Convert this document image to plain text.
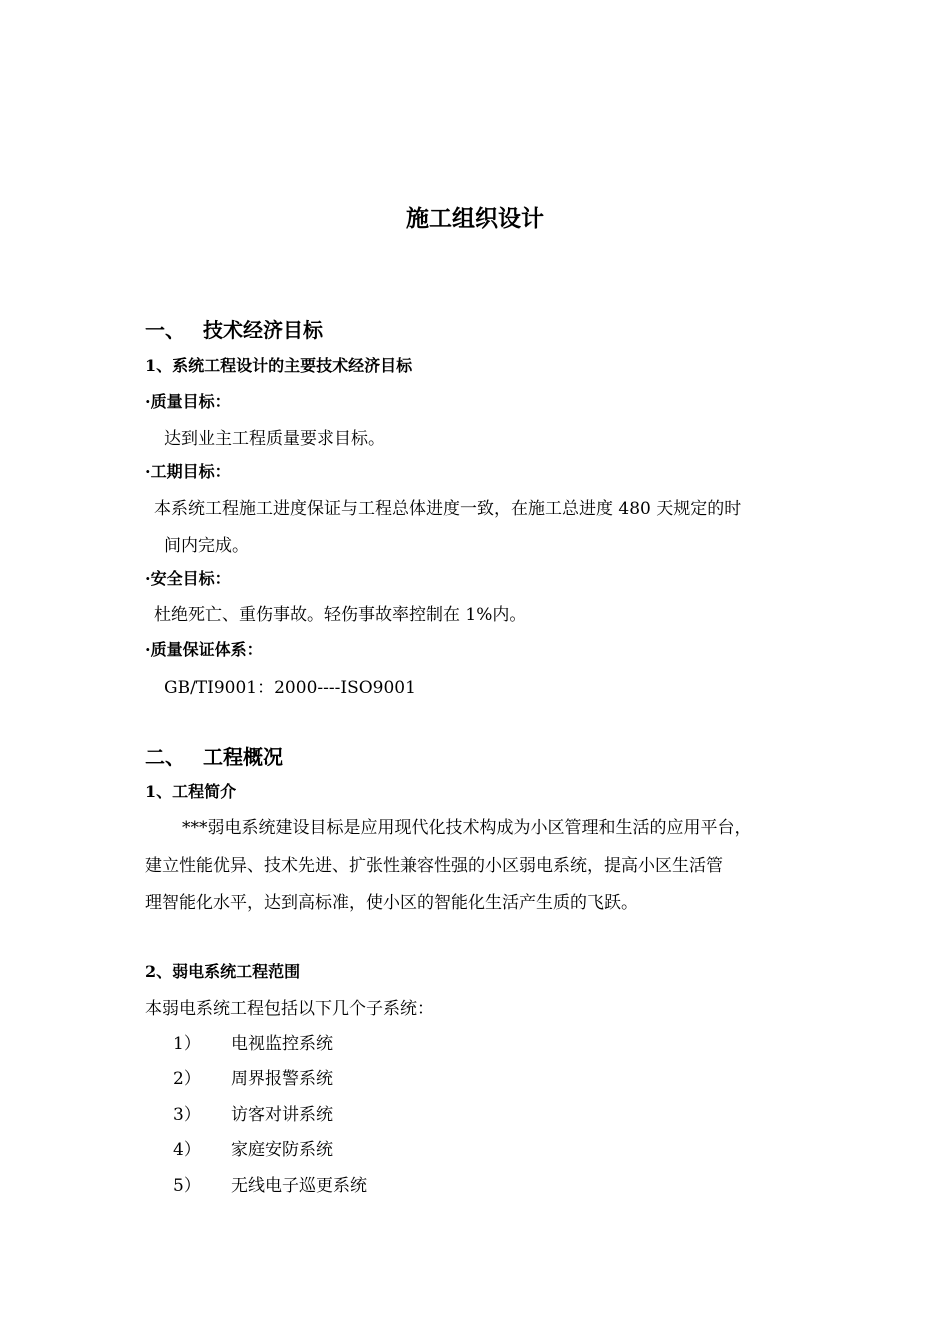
施工组织设计
一、 技术经济目标
1、系统工程设计的主要技术经济目标
·质量目标：
达到业主工程质量要求目标。
·工期目标：
本系统工程施工进度保证与工程总体进度一致，在施工总进度 480 天规定的时
间内完成。
·安全目标：
杜绝死亡、重伤事故。轻伤事故率控制在 1%内。
·质量保证体系：
GB/TI9001：2000----ISO9001
二、 工程概况
1、工程简介
***弱电系统建设目标是应用现代化技术构成为小区管理和生活的应用平台，
建立性能优异、技术先进、扩张性兼容性强的小区弱电系统，提高小区生活管
理智能化水平，达到高标准，使小区的智能化生活产生质的飞跃。
2、弱电系统工程范围
本弱电系统工程包括以下几个子系统：
1） 电视监控系统
2） 周界报警系统
3） 访客对讲系统
4） 家庭安防系统
5） 无线电子巡更系统
